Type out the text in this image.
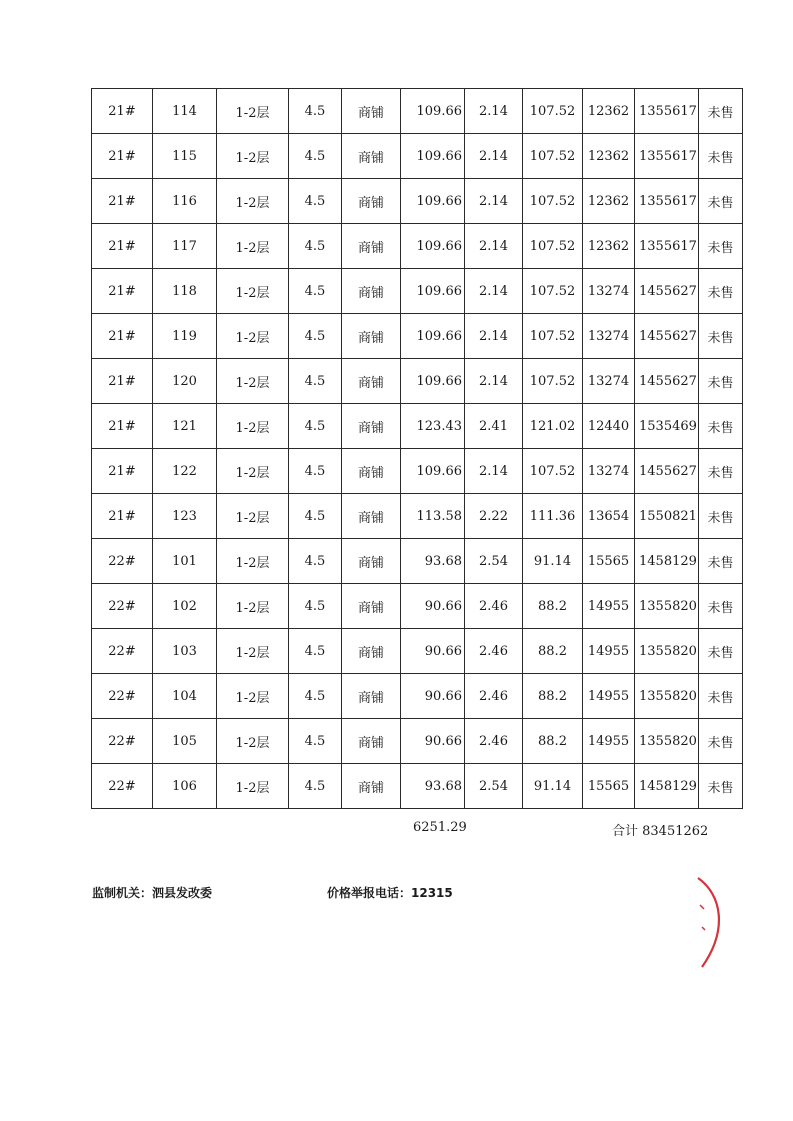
21#	114	1-2层	4.5	商铺	109.66	2.14	107.52	12362	1355617	未售
21#	115	1-2层	4.5	商铺	109.66	2.14	107.52	12362	1355617	未售
21#	116	1-2层	4.5	商铺	109.66	2.14	107.52	12362	1355617	未售
21#	117	1-2层	4.5	商铺	109.66	2.14	107.52	12362	1355617	未售
21#	118	1-2层	4.5	商铺	109.66	2.14	107.52	13274	1455627	未售
21#	119	1-2层	4.5	商铺	109.66	2.14	107.52	13274	1455627	未售
21#	120	1-2层	4.5	商铺	109.66	2.14	107.52	13274	1455627	未售
21#	121	1-2层	4.5	商铺	123.43	2.41	121.02	12440	1535469	未售
21#	122	1-2层	4.5	商铺	109.66	2.14	107.52	13274	1455627	未售
21#	123	1-2层	4.5	商铺	113.58	2.22	111.36	13654	1550821	未售
22#	101	1-2层	4.5	商铺	93.68	2.54	91.14	15565	1458129	未售
22#	102	1-2层	4.5	商铺	90.66	2.46	88.2	14955	1355820	未售
22#	103	1-2层	4.5	商铺	90.66	2.46	88.2	14955	1355820	未售
22#	104	1-2层	4.5	商铺	90.66	2.46	88.2	14955	1355820	未售
22#	105	1-2层	4.5	商铺	90.66	2.46	88.2	14955	1355820	未售
22#	106	1-2层	4.5	商铺	93.68	2.54	91.14	15565	1458129	未售
6251.29	合计 83451262
监制机关：泗县发改委	价格举报电话：12315
